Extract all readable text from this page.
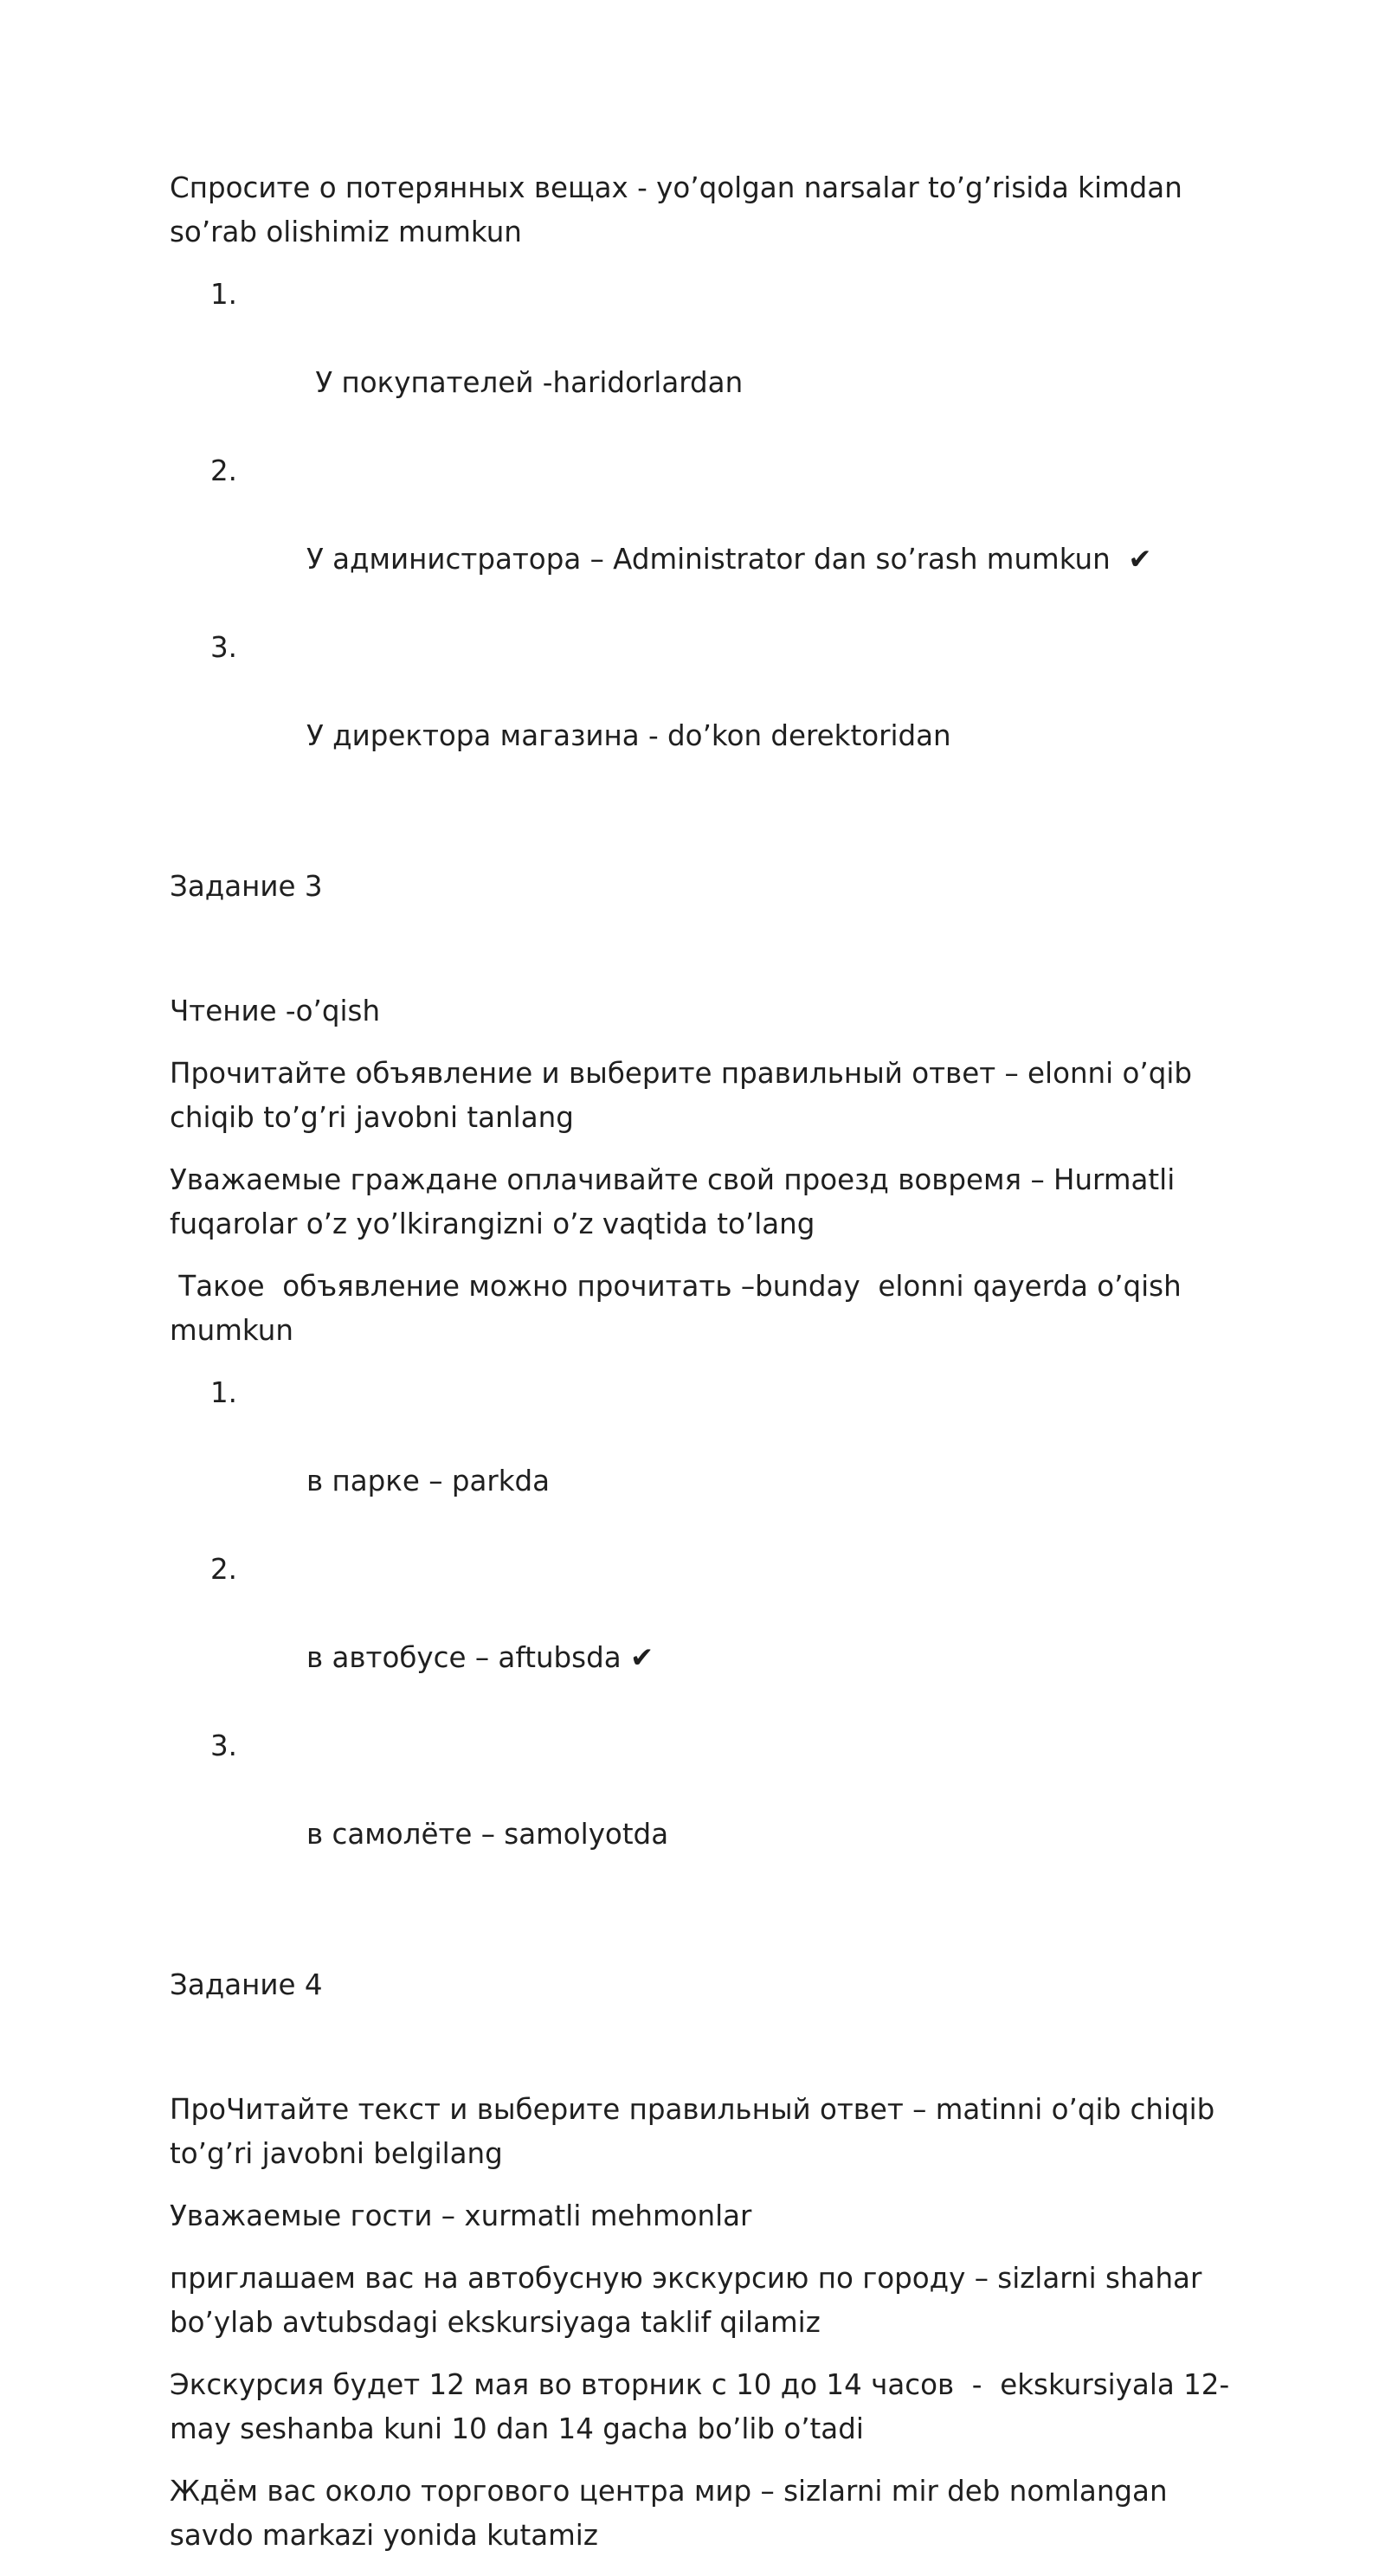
Спросите о потерянных вещах - yo’qolgan narsalar to’g’risida kimdan so’rab olishimiz mumkun

1.

У покупателей -haridorlardan

2.

У администратора – Administrator dan so’rash mumkun  ✔

3.

У директора магазина - do’kon derektoridan

Задание 3

Чтение -o’qish

Прочитайте объявление и выберите правильный ответ – elonni o’qib chiqib to’g’ri javobni tanlang

Уважаемые граждане оплачивайте свой проезд вовремя – Hurmatli fuqarolar o’z yo’lkirangizni o’z vaqtida to’lang

Такое  объявление можно прочитать –bunday  elonni qayerda o’qish mumkun

1.

в парке – parkda

2.

в автобусе – aftubsda ✔

3.

в самолёте – samolyotda

Задание 4

ПроЧитайте текст и выберите правильный ответ – matinni o’qib chiqib to’g’ri javobni belgilang

Уважаемые гости – xurmatli mehmonlar

приглашаем вас на автобусную экскурсию по городу – sizlarni shahar bo’ylab avtubsdagi ekskursiyaga taklif qilamiz

Экскурсия будет 12 мая во вторник с 10 до 14 часов  -  ekskursiyala 12-may seshanba kuni 10 dan 14 gacha bo’lib o’tadi

Ждём вас около торгового центра мир – sizlarni mir deb nomlangan savdo markazi yonida kutamiz
